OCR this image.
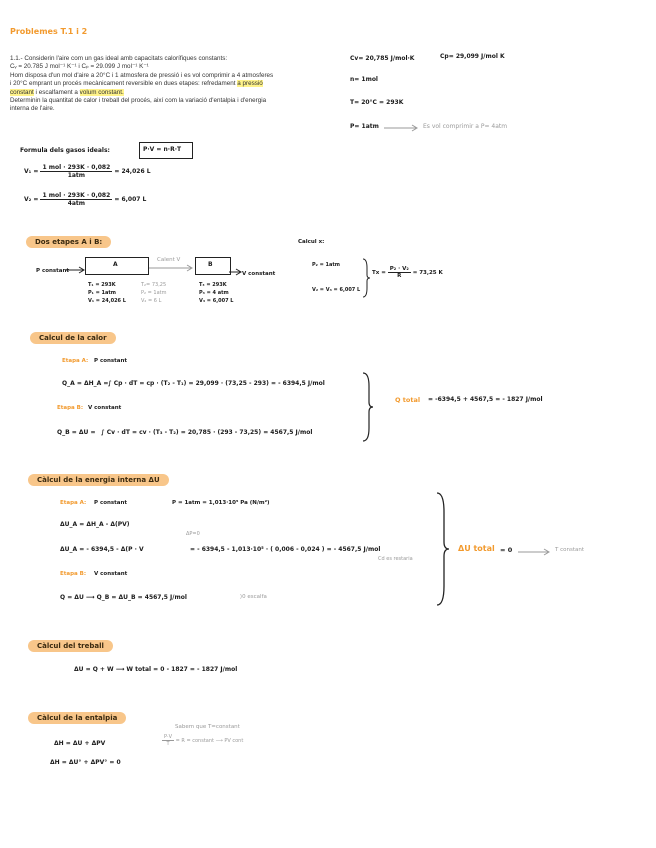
Problemes T.1 i 2
1.1.- Considerin l'aire com un gas ideal amb capacitats calorífiques constants:
Cᵥ = 20.785 J mol⁻¹ K⁻¹ i Cₚ = 29.099 J mol⁻¹ K⁻¹
Hom disposa d'un mol d'aire a 20°C i 1 atmosfera de pressió i es vol comprimir a 4 atmosferes
i 20°C emprant un procés mecànicament reversible en dues etapes: refredament a pressió
constant i escalfament a volum constant.
Determinin la quantitat de calor i treball del procés, així com la variació d'entalpia i d'energia
interna de l'aire.
Cv= 20,785 J/mol·K	Cp= 29,099 J/mol K
n= 1mol
T= 20°C = 293K
P= 1atm	Es vol comprimir a P= 4atm
Formula dels gasos ideals:	P·V = n·R·T
$V_1 = \frac{\text{1 mol · 293K · 0,082}}{\text{1atm}} = 24,026$ L
$V_2 = \frac{\text{1 mol · 293K · 0,082}}{\text{4atm}} = 6,007$ L
Dos etapes A i B:
P constant
A
Calent V
B
V constant
T₁ = 293K
P₁ = 1atm
V₁ = 24,026 L
T₂= 73,25
P₂ = 1atm
V₂ = 6 L
T₃ = 293K
P₃ = 4 atm
V₃ = 6,007 L
Calcul x:
P₂ = 1atm
V₂ = V₃ = 6,007 L
$Tx = \frac{\text{P₂ · V₂}}{R} = 73,25$ K
Calcul de la calor
Etapa A: P constant
Q_A = ΔH_A = ∫ Cp · dT = cp · (T₂ - T₁) = 29,099 · (73,25 - 293) = - 6394,5 J/mol
Etapa B: V constant
Q_B = ΔU = ∫ Cv · dT = cv · (T₃ - T₂) = 20,785 · (293 - 73,25) = 4567,5 J/mol
Q total = -6394,5 + 4567,5 = - 1827 J/mol
Càlcul de la energia interna ΔU
Etapa A: P constant	P = 1atm = 1,013·10⁵ Pa (N/m²)
ΔU_A = ΔH_A - Δ(PV)
ΔP=0
ΔU_A = - 6394,5 - Δ(P · V	= - 6394,5 - 1,013·10⁵ · ( 0,006 - 0,024 ) = - 4567,5 J/mol
Cd es restaria
Etapa B: V constant
Q = ΔU ⟶ Q_B = ΔU_B = 4567,5 J/mol	⟩0 escalfa
ΔU total = 0	T constant
Càlcul del treball
ΔU = Q + W ⟶ W total = 0 - 1827 = - 1827 J/mol
Càlcul de la entalpia
ΔH = ΔU + ΔPV
ΔH = ΔU° + ΔPV° = 0
Sabem que T=constant
$\frac{P\cdot V}{T} = R$ = constant ⟶ PV cont
